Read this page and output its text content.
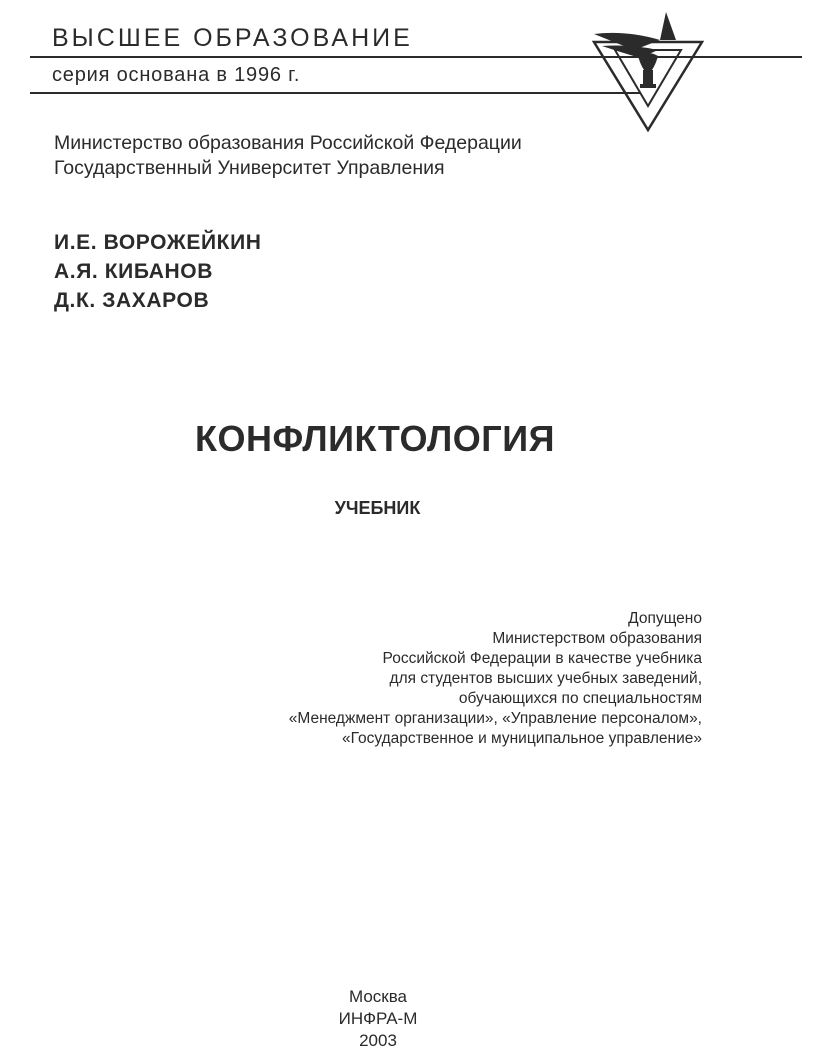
ВЫСШЕЕ ОБРАЗОВАНИЕ
серия основана в 1996 г.
Министерство образования Российской Федерации
Государственный Университет Управления
И.Е. ВОРОЖЕЙКИН
А.Я. КИБАНОВ
Д.К. ЗАХАРОВ
КОНФЛИКТОЛОГИЯ
УЧЕБНИК
Допущено
Министерством образования
Российской Федерации в качестве учебника
для студентов высших учебных заведений,
обучающихся по специальностям
«Менеджмент организации», «Управление персоналом»,
«Государственное и муниципальное управление»
Москва
ИНФРА-М
2003
